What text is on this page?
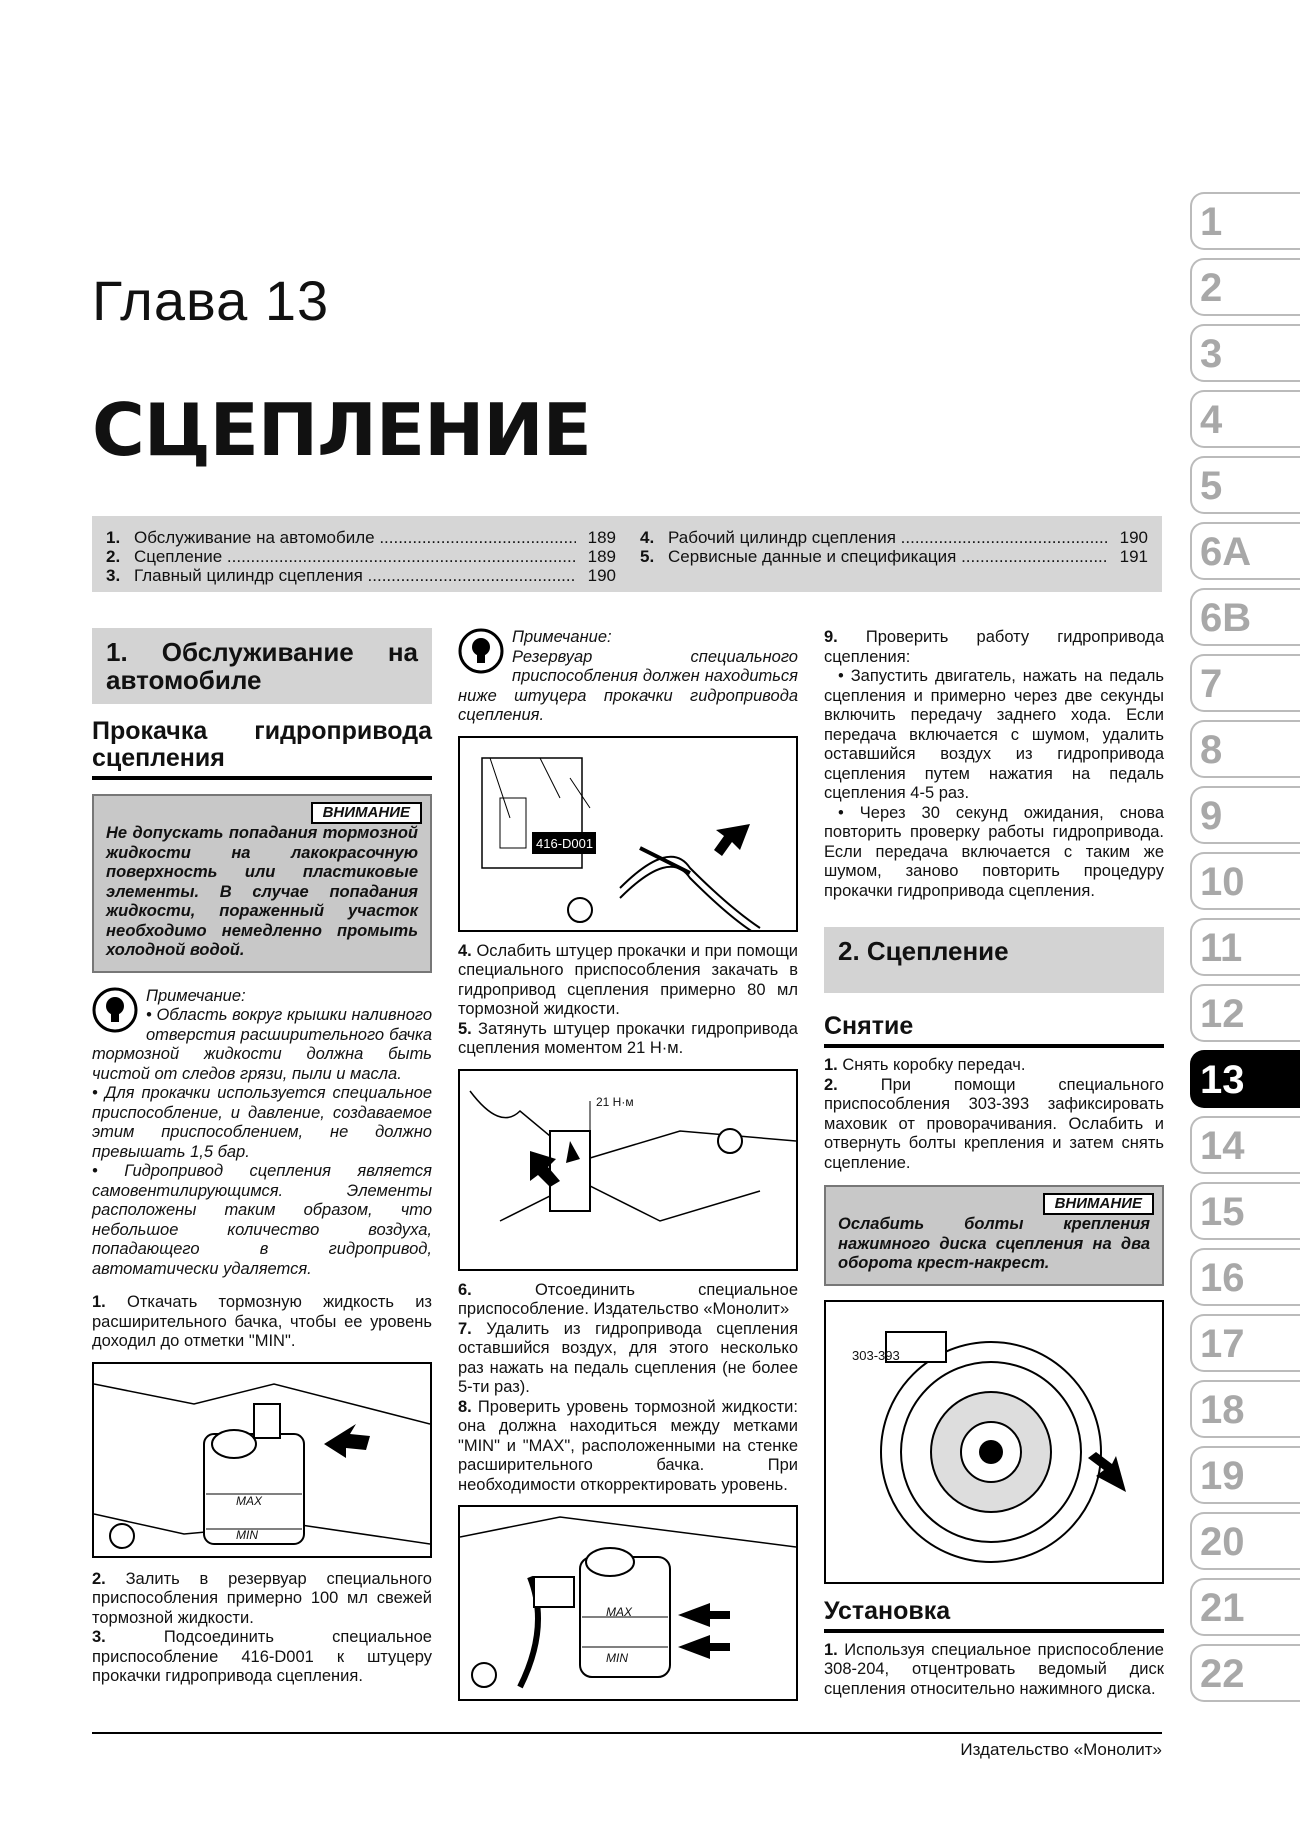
Глава 13
СЦЕПЛЕНИЕ
1. Обслуживание на автомобиле .....	189
2. Сцепление .....	189
3. Главный цилиндр сцепления .....	190
4. Рабочий цилиндр сцепления .....	190
5. Сервисные данные и спецификация .....	191
1
2
3
4
5
6A
6B
7
8
9
10
11
12
13
14
15
16
17
18
19
20
21
22
1. Обслуживание на автомобиле
Прокачка гидропривода сцепления
ВНИМАНИЕ

Не допускать попадания тормозной жидкости на лакокрасочную поверхность или пластиковые элементы. В случае попадания жидкости, пораженный участок необходимо немедленно промыть холодной водой.

Примечание:

• Область вокруг крышки наливного отверстия расширительного бачка тормозной жидкости должна быть чистой от следов грязи, пыли и масла.

• Для прокачки используется специальное приспособление, и давление, создаваемое этим приспособлением, не должно превышать 1,5 бар.

• Гидропривод сцепления является самовентилирующимся. Элементы расположены таким образом, что небольшое количество воздуха, попадающего в гидропривод, автоматически удаляется.

1. Откачать тормозную жидкость из расширительного бачка, чтобы ее уровень доходил до отметки "MIN".

MAX
MIN

2. Залить в резервуар специального приспособления примерно 100 мл свежей тормозной жидкости.

3.	Подсоединить специальное приспособление 416-D001 к штуцеру прокачки гидропривода сцепления.

Примечание:

Резервуар специального приспособления должен находиться ниже штуцера прокачки гидропривода сцепления.

416-D001

4. Ослабить штуцер прокачки и при помощи специального приспособления закачать в гидропривод сцепления примерно 80 мл тормозной жидкости.

5. Затянуть штуцер прокачки гидропривода сцепления моментом 21 Н·м.

21 Н·м

6.	Отсоединить специальное приспособление. Издательство «Монолит»

7. Удалить из гидропривода сцепления оставшийся воздух, для этого несколько раз нажать на педаль сцепления (не более 5-ти раз).

8. Проверить уровень тормозной жидкости: она должна находиться между метками "MIN" и "MAX", расположенными на стенке расширительного бачка. При необходимости откорректировать уровень.

MAX
MIN

9. Проверить работу гидропривода сцепления:

• Запустить двигатель, нажать на педаль сцепления и примерно через две секунды включить передачу заднего хода. Если передача включается с шумом, удалить оставшийся воздух из гидропривода сцепления путем нажатия на педаль сцепления 4-5 раз.

• Через 30 секунд ожидания, снова повторить проверку работы гидропривода. Если передача включается с таким же шумом, заново повторить процедуру прокачки гидропривода сцепления.

2. Сцепление
Снятие

1. Снять коробку передач.

2.	При помощи специального приспособления 303-393 зафиксировать маховик от проворачивания. Ослабить и отвернуть болты крепления и затем снять сцепление.

ВНИМАНИЕ

Ослабить болты крепления нажимного диска сцепления на два оборота крест-накрест.

303-393
Установка

1. Используя специальное приспособление 308-204, отцентровать ведомый диск сцепления относительно нажимного диска.

Издательство «Монолит»
